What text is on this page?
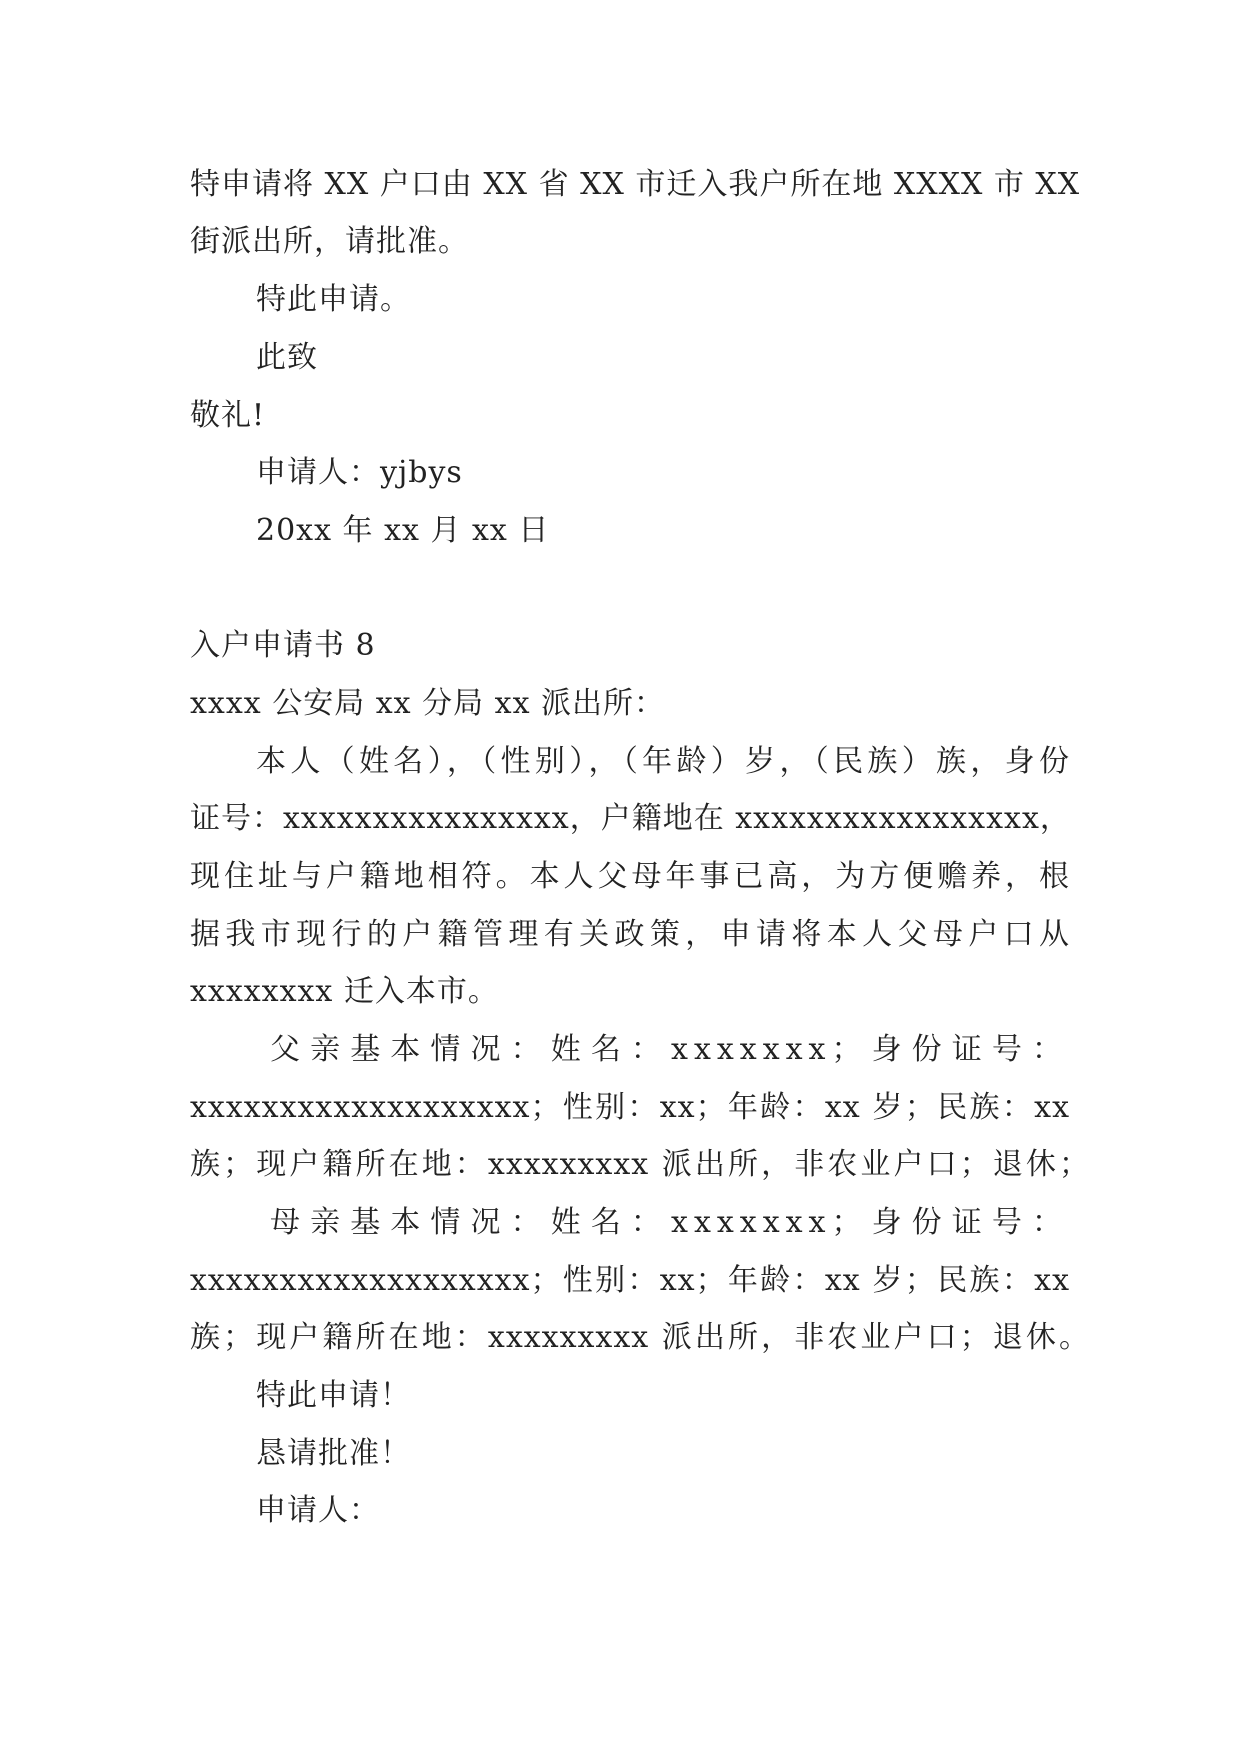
特申请将 XX 户口由 XX 省 XX 市迁入我户所在地 XXXX 市 XX
街派出所，请批准。
特此申请。
此致
敬礼!
申请人：yjbys
20xx 年 xx 月 xx 日
入户申请书 8
xxxx 公安局 xx 分局 xx 派出所：
本人（姓名），（性别），（年龄）岁，（民族）族，身份
证号：xxxxxxxxxxxxxxxx，户籍地在 xxxxxxxxxxxxxxxxx，
现住址与户籍地相符。本人父母年事已高，为方便赡养，根
据我市现行的户籍管理有关政策，申请将本人父母户口从
xxxxxxxx 迁入本市。
父亲基本情况：姓名：xxxxxxx；身份证号：
xxxxxxxxxxxxxxxxxxx；性别：xx；年龄：xx 岁；民族：xx
族；现户籍所在地：xxxxxxxxx 派出所，非农业户口；退休；
母亲基本情况：姓名：xxxxxxx；身份证号：
xxxxxxxxxxxxxxxxxxx；性别：xx；年龄：xx 岁；民族：xx
族；现户籍所在地：xxxxxxxxx 派出所，非农业户口；退休。
特此申请！
恳请批准！
申请人：
